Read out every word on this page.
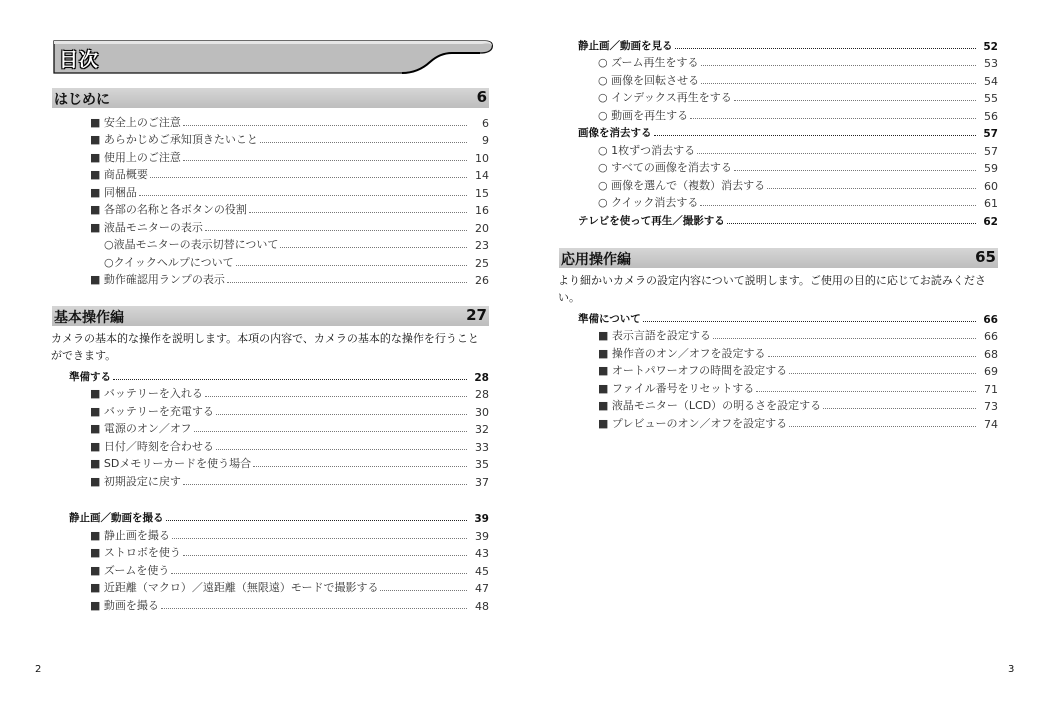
目次
はじめに	6
■ 安全上のご注意	6
■ あらかじめご承知頂きたいこと	9
■ 使用上のご注意	10
■ 商品概要	14
■ 同梱品	15
■ 各部の名称と各ボタンの役割	16
■ 液晶モニターの表示	20
○液晶モニターの表示切替について	23
○クイックヘルプについて	25
■ 動作確認用ランプの表示	26
基本操作編	27
カメラの基本的な操作を説明します。本項の内容で、カメラの基本的な操作を行うことができます。
準備する	28
■ バッテリーを入れる	28
■ バッテリーを充電する	30
■ 電源のオン／オフ	32
■ 日付／時刻を合わせる	33
■ SDメモリーカードを使う場合	35
■ 初期設定に戻す	37
静止画／動画を撮る	39
■ 静止画を撮る	39
■ ストロボを使う	43
■ ズームを使う	45
■ 近距離（マクロ）／遠距離（無限遠）モードで撮影する	47
■ 動画を撮る	48
静止画／動画を見る	52
○ ズーム再生をする	53
○ 画像を回転させる	54
○ インデックス再生をする	55
○ 動画を再生する	56
画像を消去する	57
○ 1枚ずつ消去する	57
○ すべての画像を消去する	59
○ 画像を選んで（複数）消去する	60
○ クイック消去する	61
テレビを使って再生／撮影する	62
応用操作編	65
より細かいカメラの設定内容について説明します。ご使用の目的に応じてお読みください。
準備について	66
■ 表示言語を設定する	66
■ 操作音のオン／オフを設定する	68
■ オートパワーオフの時間を設定する	69
■ ファイル番号をリセットする	71
■ 液晶モニター（LCD）の明るさを設定する	73
■ プレビューのオン／オフを設定する	74
2	3
